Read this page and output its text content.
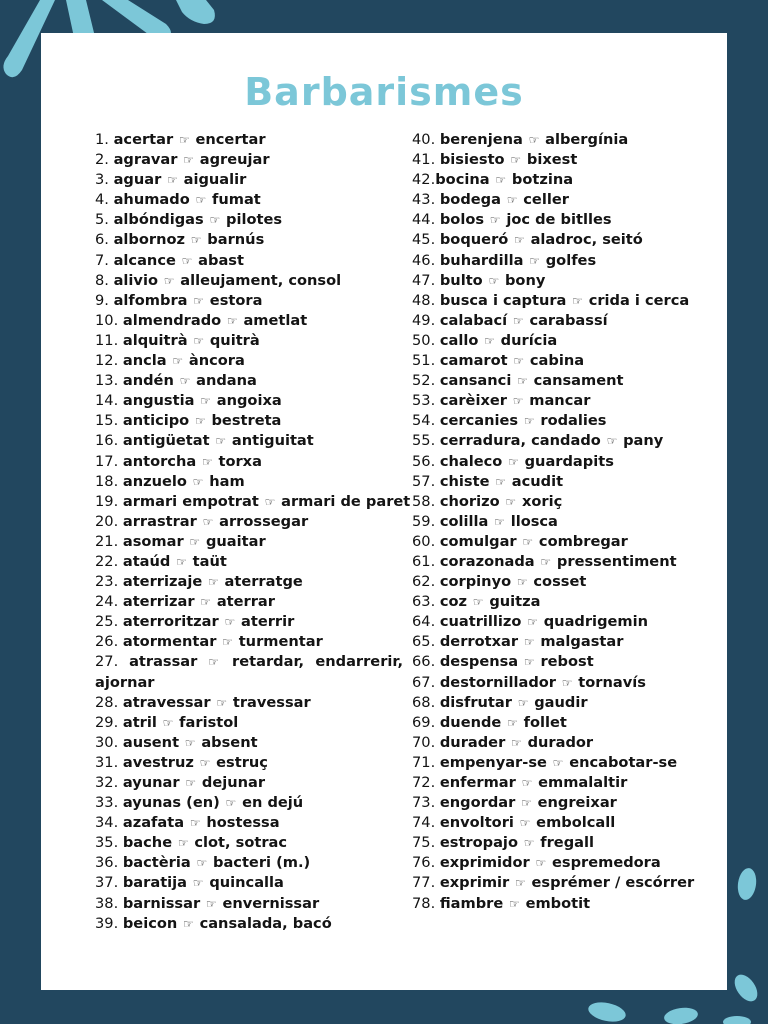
Barbarismes
1. acertar ☞ encertar
2. agravar ☞ agreujar
3. aguar ☞ aigualir
4. ahumado ☞ fumat
5. albóndigas ☞ pilotes
6. albornoz ☞ barnús
7. alcance ☞ abast
8. alivio ☞ alleujament, consol
9. alfombra ☞ estora
10. almendrado ☞ ametlat
11. alquitrà ☞ quitrà
12. ancla ☞ àncora
13. andén ☞ andana
14. angustia ☞ angoixa
15. anticipo ☞ bestreta
16. antigüetat ☞ antiguitat
17. antorcha ☞ torxa
18. anzuelo ☞ ham
19. armari empotrat ☞ armari de paret
20. arrastrar ☞ arrossegar
21. asomar ☞ guaitar
22. ataúd ☞ taüt
23. aterrizaje ☞ aterratge
24. aterrizar ☞ aterrar
25. aterroritzar ☞ aterrir
26. atormentar ☞ turmentar
27. atrassar ☞ retardar, endarrerir, ajornar
28. atravessar ☞ travessar
29. atril ☞ faristol
30. ausent ☞ absent
31. avestruz ☞ estruç
32. ayunar ☞ dejunar
33. ayunas (en) ☞ en dejú
34. azafata ☞ hostessa
35. bache ☞ clot, sotrac
36. bactèria ☞ bacteri (m.)
37. baratija ☞ quincalla
38. barnissar ☞ envernissar
39. beicon ☞ cansalada, bacó
40. berenjena ☞ albergínia
41. bisiesto ☞ bixest
42.bocina ☞ botzina
43. bodega ☞ celler
44. bolos ☞ joc de bitlles
45. boqueró ☞ aladroc, seitó
46. buhardilla ☞ golfes
47. bulto ☞ bony
48. busca i captura ☞ crida i cerca
49. calabací ☞ carabassí
50. callo ☞ durícia
51. camarot ☞ cabina
52. cansanci ☞ cansament
53. carèixer ☞ mancar
54. cercanies ☞ rodalies
55. cerradura, candado ☞ pany
56. chaleco ☞ guardapits
57. chiste ☞ acudit
58. chorizo ☞ xoriç
59. colilla ☞ llosca
60. comulgar ☞ combregar
61. corazonada ☞ pressentiment
62. corpinyo ☞ cosset
63. coz ☞ guitza
64. cuatrillizo ☞ quadrigemin
65. derrotxar ☞ malgastar
66. despensa ☞ rebost
67. destornillador ☞ tornavís
68. disfrutar ☞ gaudir
69. duende ☞ follet
70. durader ☞ durador
71. empenyar-se ☞ encabotar-se
72. enfermar ☞ emmalaltir
73. engordar ☞ engreixar
74. envoltori ☞ embolcall
75. estropajo ☞ fregall
76. exprimidor ☞ espremedora
77. exprimir ☞ esprémer / escórrer
78. fiambre ☞ embotit
